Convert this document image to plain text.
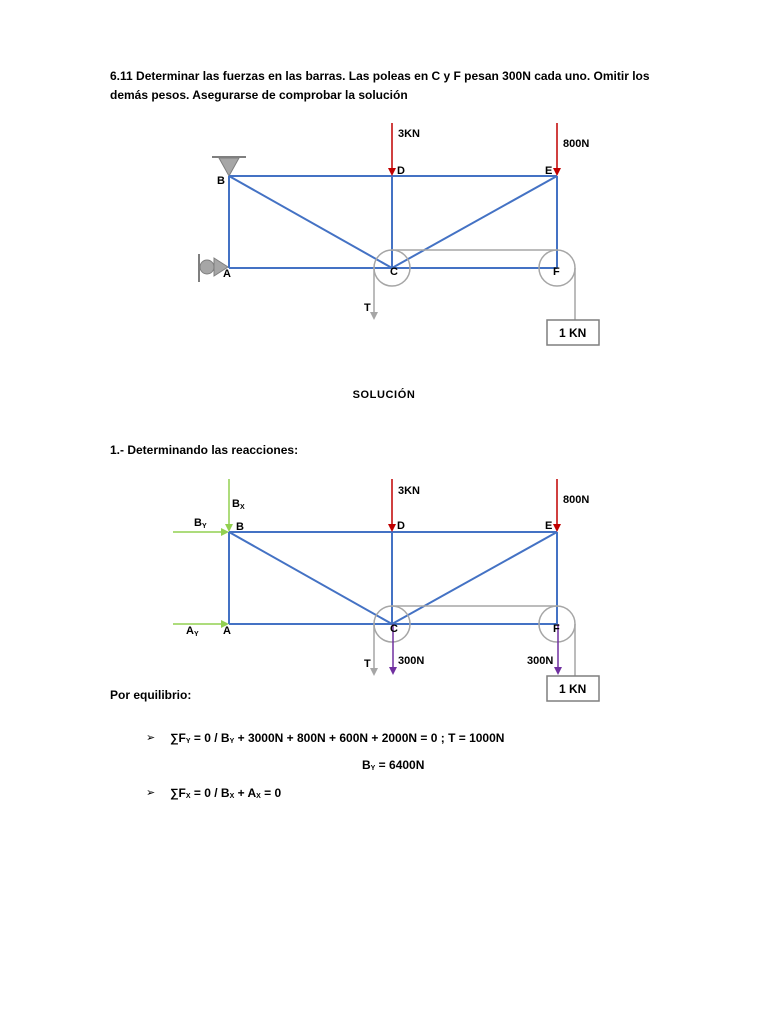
6.11 Determinar las fuerzas en las barras. Las poleas en C y F pesan 300N cada uno. Omitir los demás pesos. Asegurarse de comprobar la solución
1 KN
B
A
D	E
C	F
3KN
800N
T
SOLUCIÓN
1.- Determinando las reacciones:
1 KN
B
A
D	E
C	F
3KN
800N
300N	300N
T
BX
BY
AY
Por equilibrio:
➢ $\sum F_Y = 0 / B_Y + 3000N + 800N + 600N + 2000N = 0$ ; T = 1000N
$B_Y = 6400N$
➢ $\sum F_X = 0 / B_X + A_X = 0$
